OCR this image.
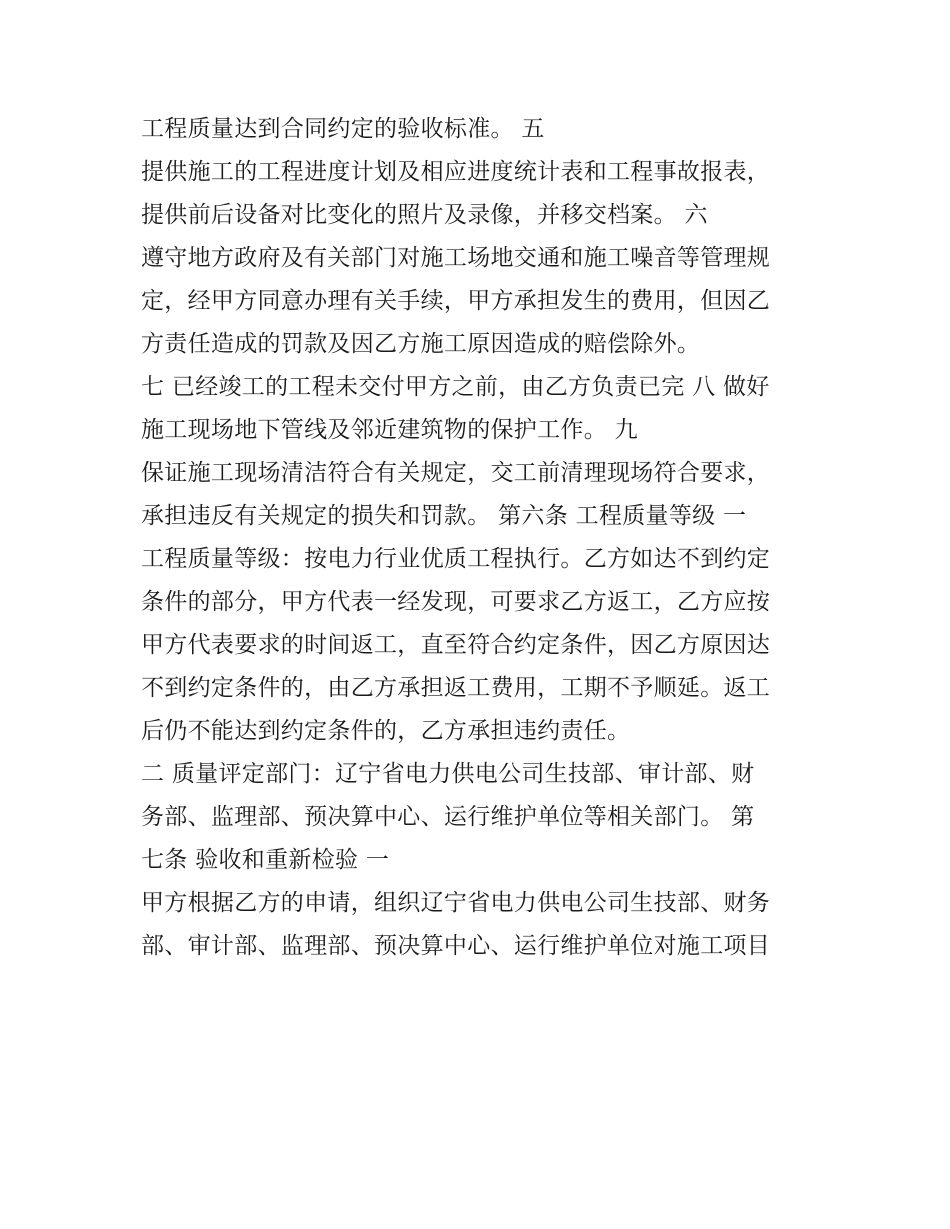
工程质量达到合同约定的验收标准。 五
提供施工的工程进度计划及相应进度统计表和工程事故报表，
提供前后设备对比变化的照片及录像，并移交档案。 六
遵守地方政府及有关部门对施工场地交通和施工噪音等管理规
定，经甲方同意办理有关手续，甲方承担发生的费用，但因乙
方责任造成的罚款及因乙方施工原因造成的赔偿除外。
七 已经竣工的工程未交付甲方之前，由乙方负责已完 八 做好
施工现场地下管线及邻近建筑物的保护工作。 九
保证施工现场清洁符合有关规定，交工前清理现场符合要求，
承担违反有关规定的损失和罚款。 第六条 工程质量等级 一
工程质量等级：按电力行业优质工程执行。乙方如达不到约定
条件的部分，甲方代表一经发现，可要求乙方返工，乙方应按
甲方代表要求的时间返工，直至符合约定条件，因乙方原因达
不到约定条件的，由乙方承担返工费用，工期不予顺延。返工
后仍不能达到约定条件的，乙方承担违约责任。
二 质量评定部门：辽宁省电力供电公司生技部、审计部、财
务部、监理部、预决算中心、运行维护单位等相关部门。 第
七条 验收和重新检验 一
甲方根据乙方的申请，组织辽宁省电力供电公司生技部、财务
部、审计部、监理部、预决算中心、运行维护单位对施工项目
